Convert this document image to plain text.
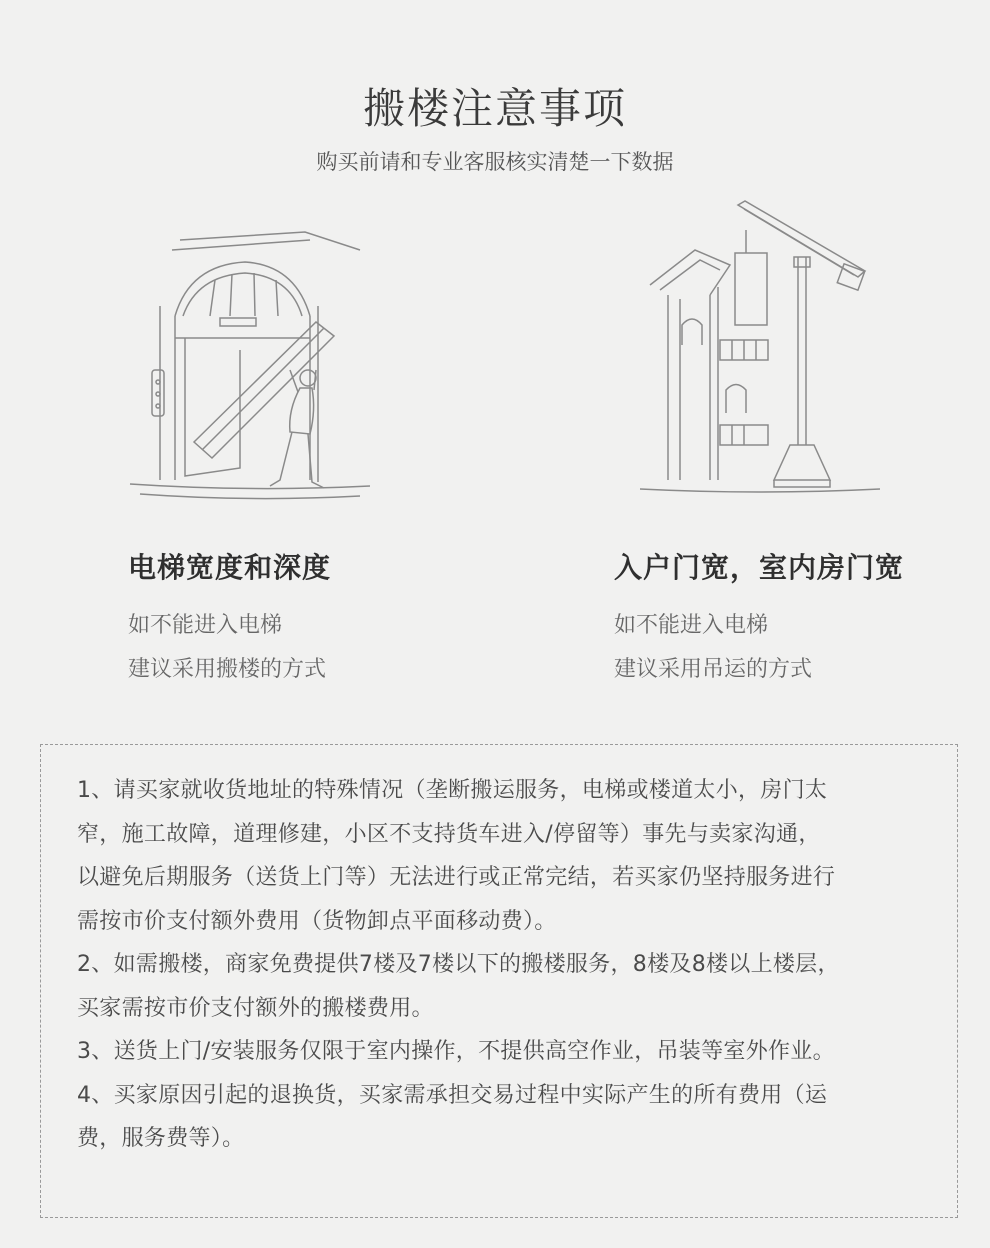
搬楼注意事项
购买前请和专业客服核实清楚一下数据
电梯宽度和深度
如不能进入电梯
建议采用搬楼的方式
入户门宽，室内房门宽
如不能进入电梯
建议采用吊运的方式
1、请买家就收货地址的特殊情况（垄断搬运服务，电梯或楼道太小，房门太
窄，施工故障，道理修建，小区不支持货车进入/停留等）事先与卖家沟通，
以避免后期服务（送货上门等）无法进行或正常完结，若买家仍坚持服务进行
需按市价支付额外费用（货物卸点平面移动费）。
2、如需搬楼，商家免费提供7楼及7楼以下的搬楼服务，8楼及8楼以上楼层，
买家需按市价支付额外的搬楼费用。
3、送货上门/安装服务仅限于室内操作，不提供高空作业，吊装等室外作业。
4、买家原因引起的退换货，买家需承担交易过程中实际产生的所有费用（运
费，服务费等）。
